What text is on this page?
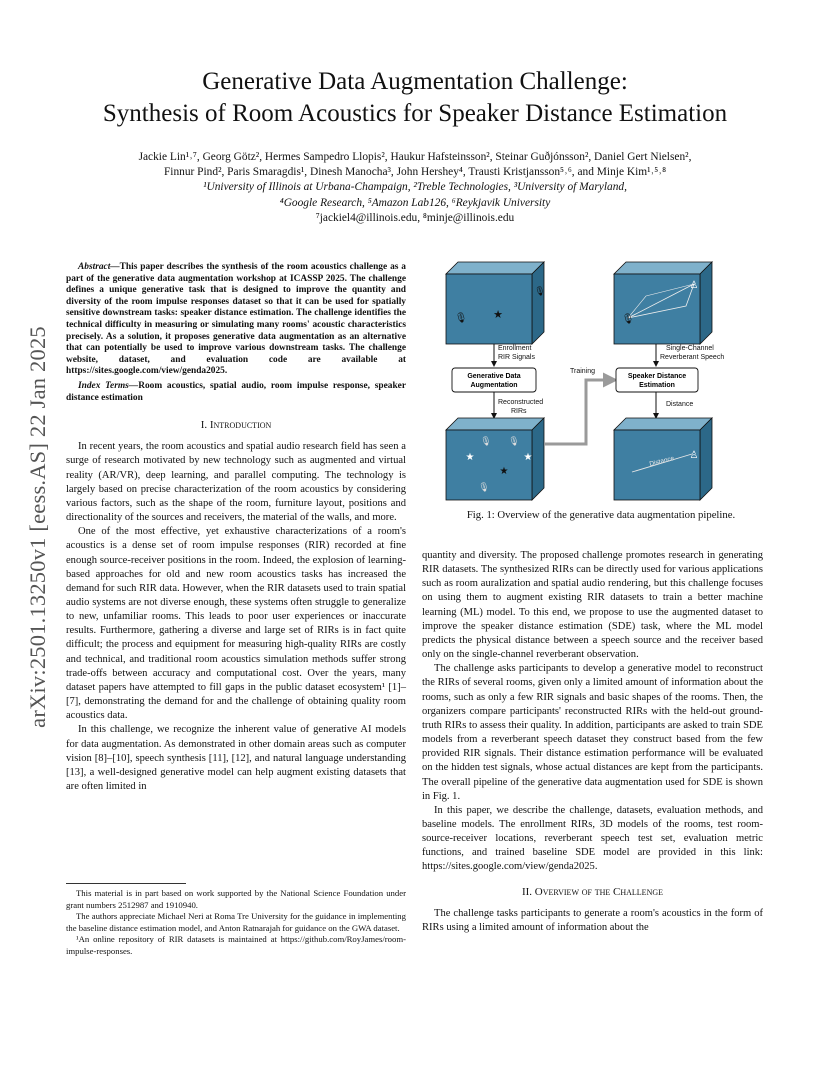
arXiv:2501.13250v1 [eess.AS] 22 Jan 2025
Generative Data Augmentation Challenge:
Synthesis of Room Acoustics for Speaker Distance Estimation
Jackie Lin¹˒⁷, Georg Götz², Hermes Sampedro Llopis², Haukur Hafsteinsson², Steinar Guðjónsson², Daniel Gert Nielsen²,
Finnur Pind², Paris Smaragdis¹, Dinesh Manocha³, John Hershey⁴, Trausti Kristjansson⁵˒⁶, and Minje Kim¹˒⁵˒⁸
¹University of Illinois at Urbana-Champaign, ²Treble Technologies, ³University of Maryland,
⁴Google Research, ⁵Amazon Lab126, ⁶Reykjavik University
⁷jackiel4@illinois.edu, ⁸minje@illinois.edu

Abstract—This paper describes the synthesis of the room acoustics challenge as a part of the generative data augmentation workshop at ICASSP 2025. The challenge defines a unique generative task that is designed to improve the quantity and diversity of the room impulse responses dataset so that it can be used for spatially sensitive downstream tasks: speaker distance estimation. The challenge identifies the technical difficulty in measuring or simulating many rooms' acoustic characteristics precisely. As a solution, it proposes generative data augmentation as an alternative that can potentially be used to improve various downstream tasks. The challenge website, dataset, and evaluation code are available at https://sites.google.com/view/genda2025.

Index Terms—Room acoustics, spatial audio, room impulse response, speaker distance estimation

I. Introduction

In recent years, the room acoustics and spatial audio research field has seen a surge of research motivated by new technology such as augmented and virtual reality (AR/VR), deep learning, and parallel computing. The technology is largely based on precise characterization of the room acoustics by considering various factors, such as the shape of the room, furniture layout, positions and directionality of the sources and receivers, the material of the walls, and more.

One of the most effective, yet exhaustive characterizations of a room's acoustics is a dense set of room impulse responses (RIR) recorded at fine enough source-receiver positions in the room. Indeed, the explosion of learning-based approaches for old and new room acoustics tasks has increased the demand for such RIR data. However, when the RIR datasets used to train spatial audio systems are not diverse enough, these systems often struggle to generalize to new, unfamiliar rooms. This leads to poor user experiences or inaccurate results. Furthermore, gathering a diverse and large set of RIRs is in fact quite difficult; the process and equipment for measuring high-quality RIRs are costly and technical, and traditional room acoustics simulation methods suffer strong trade-offs between accuracy and computational cost. Over the years, many dataset papers have attempted to fill gaps in the public dataset ecosystem¹ [1]–[7], demonstrating the demand for and the challenge of obtaining quality room acoustics data.

In this challenge, we recognize the inherent value of generative AI models for data augmentation. As demonstrated in other domain areas such as computer vision [8]–[10], speech synthesis [11], [12], and natural language understanding [13], a well-designed generative model can help augment existing datasets that are often limited in

This material is in part based on work supported by the National Science Foundation under grant numbers 2512987 and 1910940.

The authors appreciate Michael Neri at Roma Tre University for the guidance in implementing the baseline distance estimation model, and Anton Ratnarajah for guidance on the GWA dataset.

¹An online repository of RIR datasets is maintained at https://github.com/RoyJames/room-impulse-responses.

★
🎙
🎙
🎙
♙
Enrollment
RIR Signals
Generative Data
Augmentation
Reconstructed
RIRs
★
★
★
🎙 🎙
🎙
Training
Single-Channel
Reverberant Speech
Speaker Distance
Estimation
Distance
Distance ♙
Fig. 1: Overview of the generative data augmentation pipeline.

quantity and diversity. The proposed challenge promotes research in generating RIR datasets. The synthesized RIRs can be directly used for various applications such as room auralization and spatial audio rendering, but this challenge focuses on using them to augment existing RIR datasets to train a better machine learning (ML) model. To this end, we propose to use the augmented dataset to improve the speaker distance estimation (SDE) task, where the ML model predicts the physical distance between a speech source and the receiver based only on the single-channel reverberant observation.

The challenge asks participants to develop a generative model to reconstruct the RIRs of several rooms, given only a limited amount of information about the rooms, such as only a few RIR signals and basic shapes of the rooms. Then, the organizers compare participants' reconstructed RIRs with the held-out ground-truth RIRs to assess their quality. In addition, participants are asked to train SDE models from a reverberant speech dataset they construct based from the few provided RIR signals. Their distance estimation performance will be evaluated on the hidden test signals, whose actual distances are kept from the participants. The overall pipeline of the generative data augmentation used for SDE is shown in Fig. 1.

In this paper, we describe the challenge, datasets, evaluation methods, and baseline models. The enrollment RIRs, 3D models of the rooms, test room-source-receiver locations, reverberant speech test set, evaluation metric functions, and trained baseline SDE model are provided in this link: https://sites.google.com/view/genda2025.

II. Overview of the Challenge

The challenge tasks participants to generate a room's acoustics in the form of RIRs using a limited amount of information about the
